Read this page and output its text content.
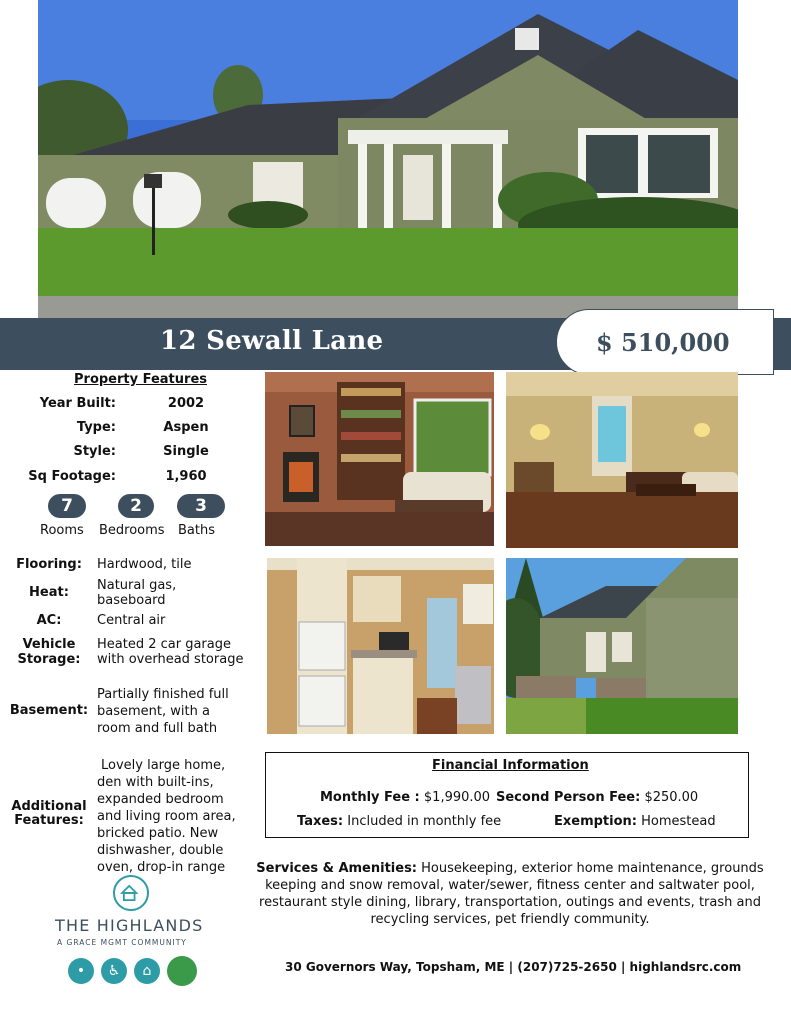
12 Sewall Lane	$ 510,000
Property Features
Year Built:	2002
Type:	Aspen
Style:	Single
Sq Footage:	1,960
7
Rooms
2
Bedrooms
3
Baths
Flooring:	Hardwood, tile
Heat:	Natural gas,
baseboard
AC:	Central air
Vehicle
Storage:
Heated 2 car garage
with overhead storage
Basement:
Partially finished full
basement, with a
room and full bath
Additional
Features:
Lovely large home,
den with built-ins,
expanded bedroom
and living room area,
bricked patio. New
dishwasher, double
oven, drop-in range
Financial Information
Monthly Fee : $1,990.00 Second Person Fee: $250.00
Taxes: Included in monthly fee	Exemption: Homestead
Services & Amenities: Housekeeping, exterior home maintenance, grounds keeping and snow removal, water/sewer, fitness center and saltwater pool, restaurant style dining, library, transportation, outings and events, trash and recycling services, pet friendly community.
30 Governors Way, Topsham, ME | (207)725-2650 | highlandsrc.com
THE HIGHLANDS
A GRACE MGMT COMMUNITY
•	♿	⌂
